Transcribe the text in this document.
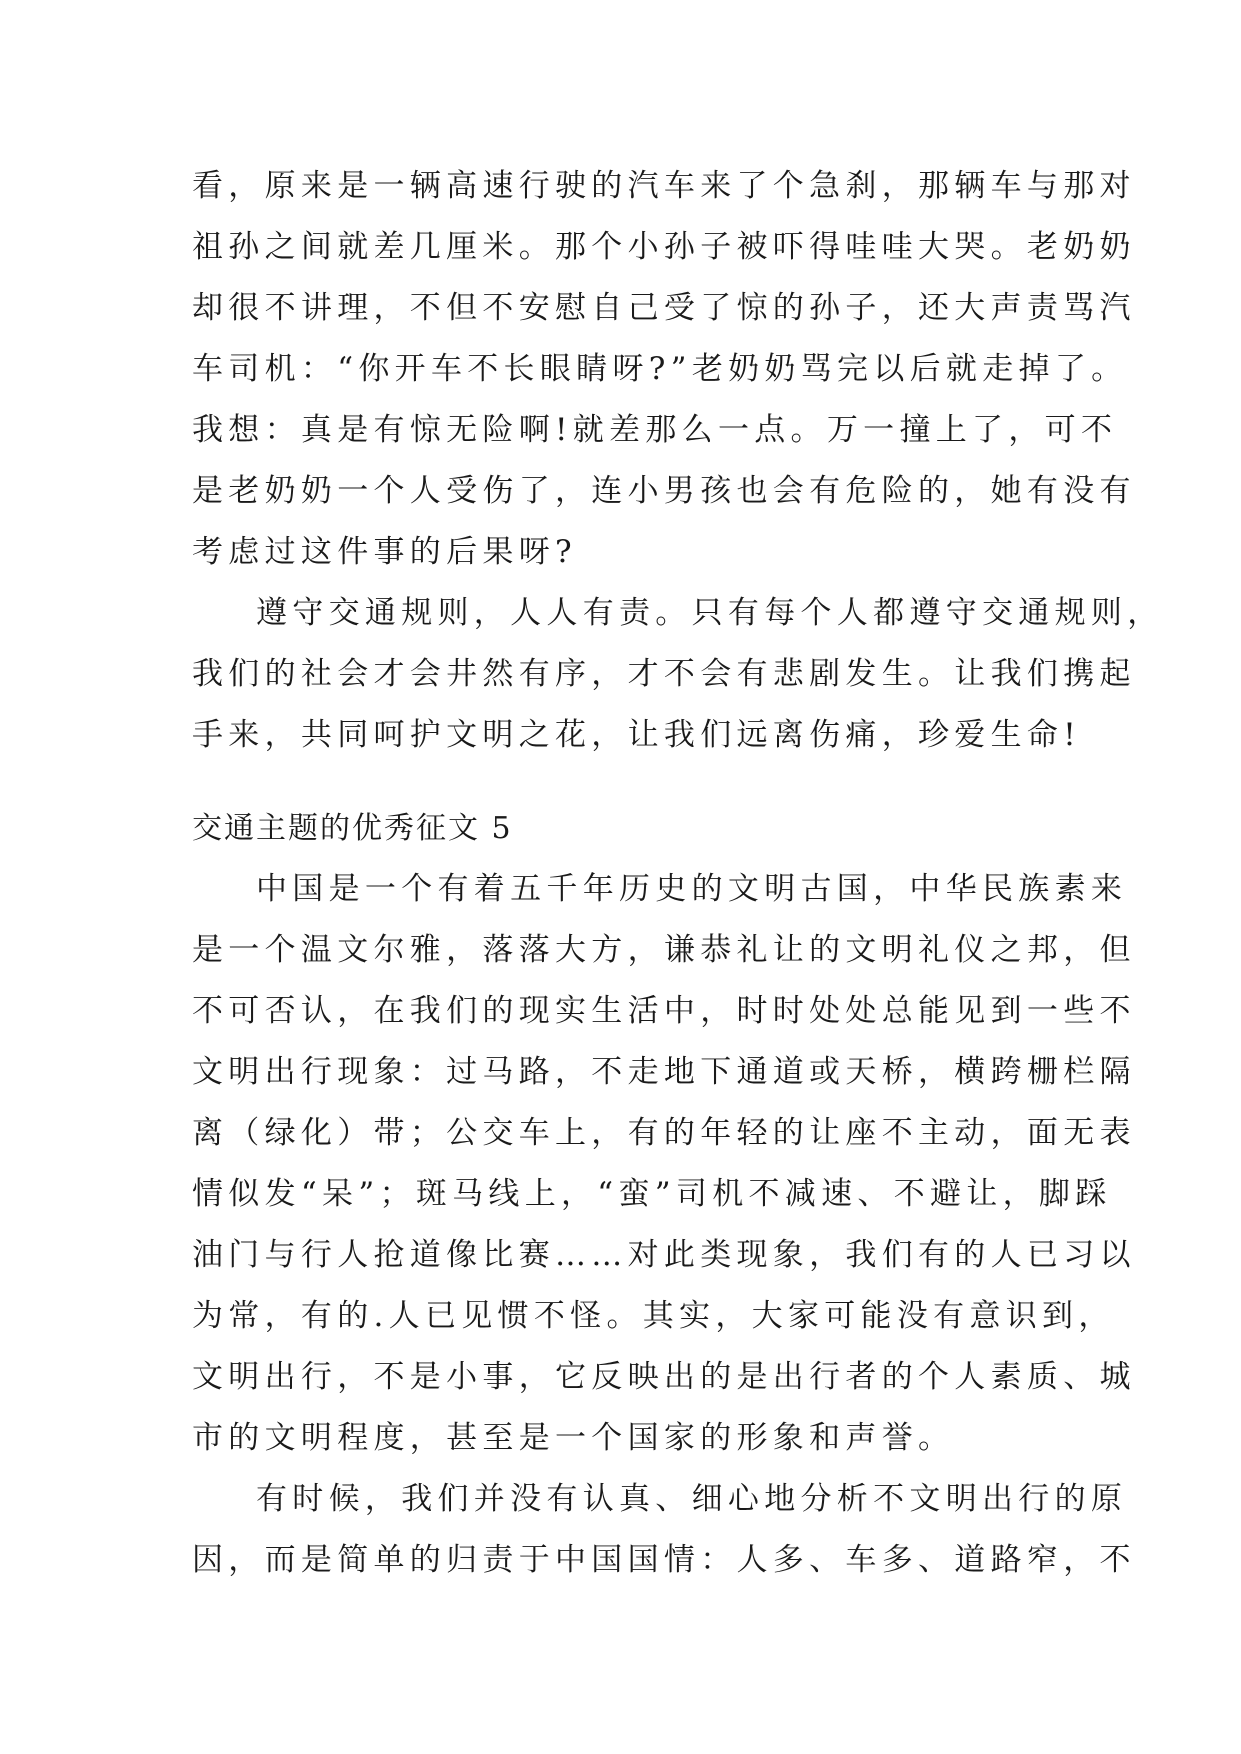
看，原来是一辆高速行驶的汽车来了个急刹，那辆车与那对
祖孙之间就差几厘米。那个小孙子被吓得哇哇大哭。老奶奶
却很不讲理，不但不安慰自己受了惊的孙子，还大声责骂汽
车司机：“你开车不长眼睛呀?”老奶奶骂完以后就走掉了。
我想：真是有惊无险啊!就差那么一点。万一撞上了，可不
是老奶奶一个人受伤了，连小男孩也会有危险的，她有没有
考虑过这件事的后果呀?
遵守交通规则，人人有责。只有每个人都遵守交通规则，
我们的社会才会井然有序，才不会有悲剧发生。让我们携起
手来，共同呵护文明之花，让我们远离伤痛，珍爱生命!
交通主题的优秀征文 5
中国是一个有着五千年历史的文明古国，中华民族素来
是一个温文尔雅，落落大方，谦恭礼让的文明礼仪之邦，但
不可否认，在我们的现实生活中，时时处处总能见到一些不
文明出行现象：过马路，不走地下通道或天桥，横跨栅栏隔
离（绿化）带；公交车上，有的年轻的让座不主动，面无表
情似发“呆”；斑马线上，“蛮”司机不减速、不避让，脚踩
油门与行人抢道像比赛……对此类现象，我们有的人已习以
为常，有的.人已见惯不怪。其实，大家可能没有意识到，
文明出行，不是小事，它反映出的是出行者的个人素质、城
市的文明程度，甚至是一个国家的形象和声誉。
有时候，我们并没有认真、细心地分析不文明出行的原
因，而是简单的归责于中国国情：人多、车多、道路窄，不
